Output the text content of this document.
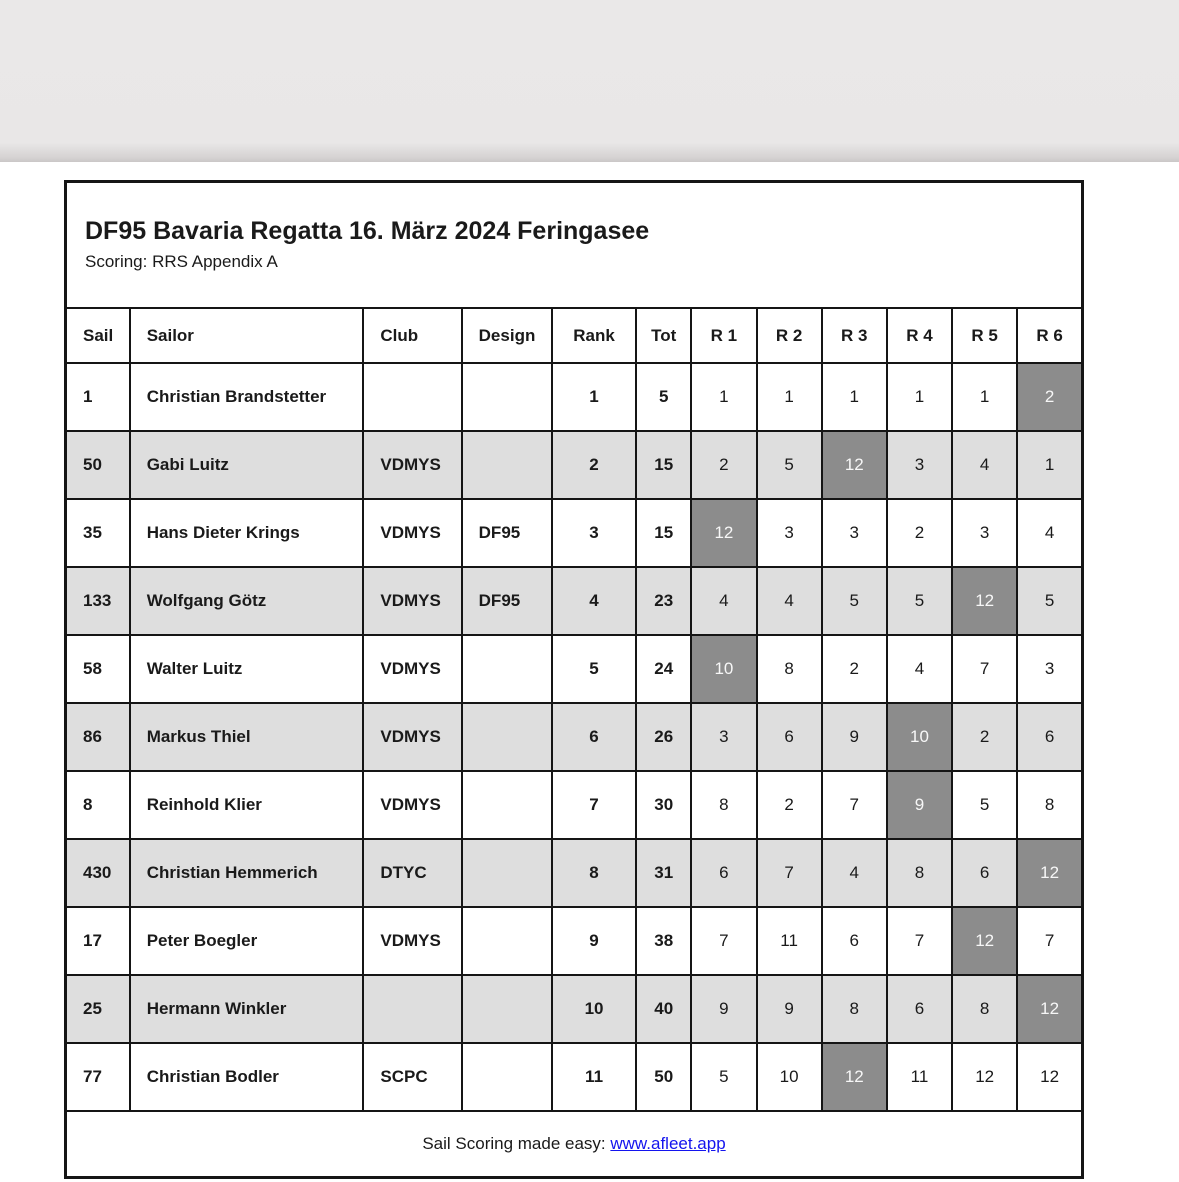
DF95 Bavaria Regatta 16. März 2024 Feringasee
Scoring: RRS Appendix A											

Sail	Sailor	Club	Design	Rank	Tot	R 1	R 2	R 3	R 4	R 5	R 6
1	Christian Brandstetter			1	5	1	1	1	1	1	2
50	Gabi Luitz	VDMYS		2	15	2	5	12	3	4	1
35	Hans Dieter Krings	VDMYS	DF95	3	15	12	3	3	2	3	4
133	Wolfgang Götz	VDMYS	DF95	4	23	4	4	5	5	12	5
58	Walter Luitz	VDMYS		5	24	10	8	2	4	7	3
86	Markus Thiel	VDMYS		6	26	3	6	9	10	2	6
8	Reinhold Klier	VDMYS		7	30	8	2	7	9	5	8
430	Christian Hemmerich	DTYC		8	31	6	7	4	8	6	12
17	Peter Boegler	VDMYS		9	38	7	11	6	7	12	7
25	Hermann Winkler			10	40	9	9	8	6	8	12
77	Christian Bodler	SCPC		11	50	5	10	12	11	12	12
Sail Scoring made easy: www.afleet.app											
